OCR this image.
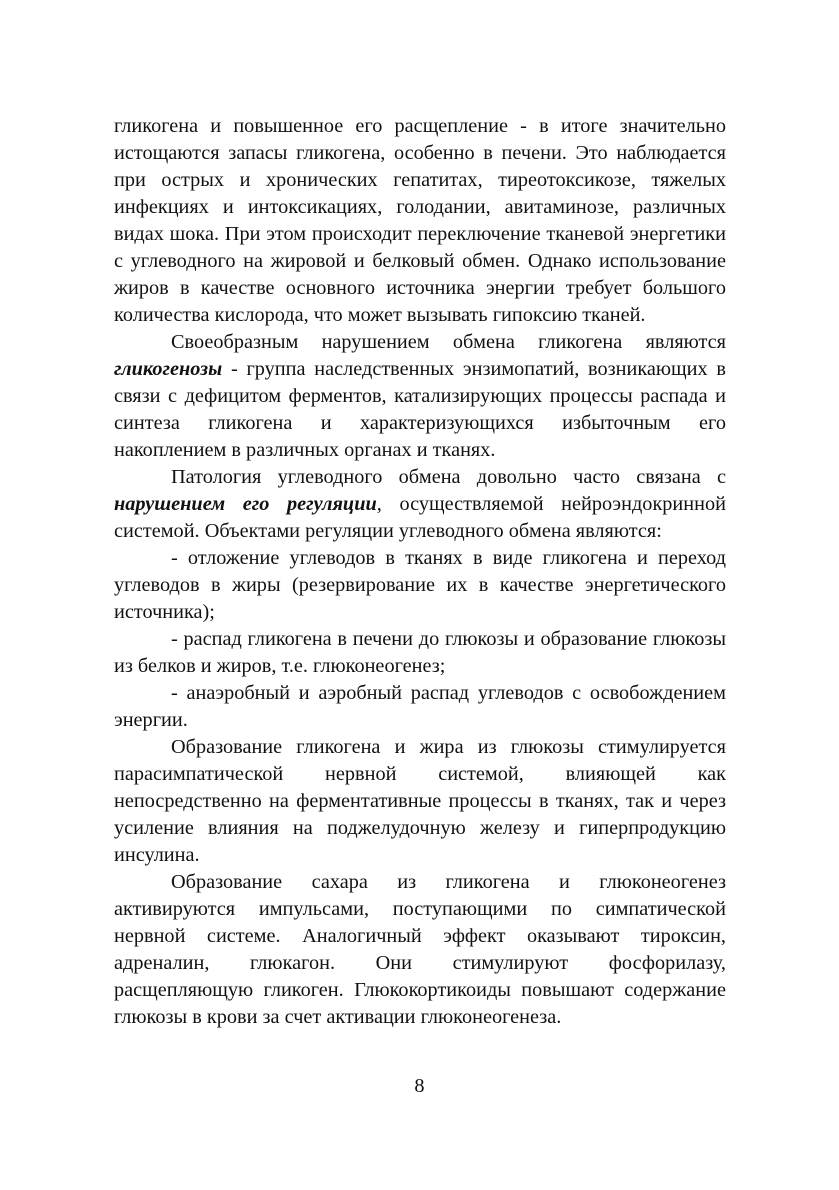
гликогена и повышенное его расщепление - в итоге значительно истощаются запасы гликогена, особенно в печени. Это наблюдается при острых и хронических гепатитах, тиреотоксикозе, тяжелых инфекциях и интоксикациях, голодании, авитаминозе, различных видах шока. При этом происходит переключение тканевой энергетики с углеводного на жировой и белковый обмен. Однако использование жиров в качестве основного источника энергии требует большого количества кислорода, что может вызывать гипоксию тканей.

Своеобразным нарушением обмена гликогена являются гликогенозы - группа наследственных энзимопатий, возникающих в связи с дефицитом ферментов, катализирующих процессы распада и синтеза гликогена и характеризующихся избыточным его накоплением в различных органах и тканях.

Патология углеводного обмена довольно часто связана с нарушением его регуляции, осуществляемой нейроэндокринной системой. Объектами регуляции углеводного обмена являются:

- отложение углеводов в тканях в виде гликогена и переход углеводов в жиры (резервирование их в качестве энергетического источника);

- распад гликогена в печени до глюкозы и образование глюкозы из белков и жиров, т.е. глюконеогенез;

- анаэробный и аэробный распад углеводов с освобождением энергии.

Образование гликогена и жира из глюкозы стимулируется парасимпатической нервной системой, влияющей как непосредственно на ферментативные процессы в тканях, так и через усиление влияния на поджелудочную железу и гиперпродукцию инсулина.

Образование сахара из гликогена и глюконеогенез активируются импульсами, поступающими по симпатической нервной системе. Аналогичный эффект оказывают тироксин, адреналин, глюкагон. Они стимулируют фосфорилазу, расщепляющую гликоген. Глюкокортикоиды повышают содержание глюкозы в крови за счет активации глюконеогенеза.

8
